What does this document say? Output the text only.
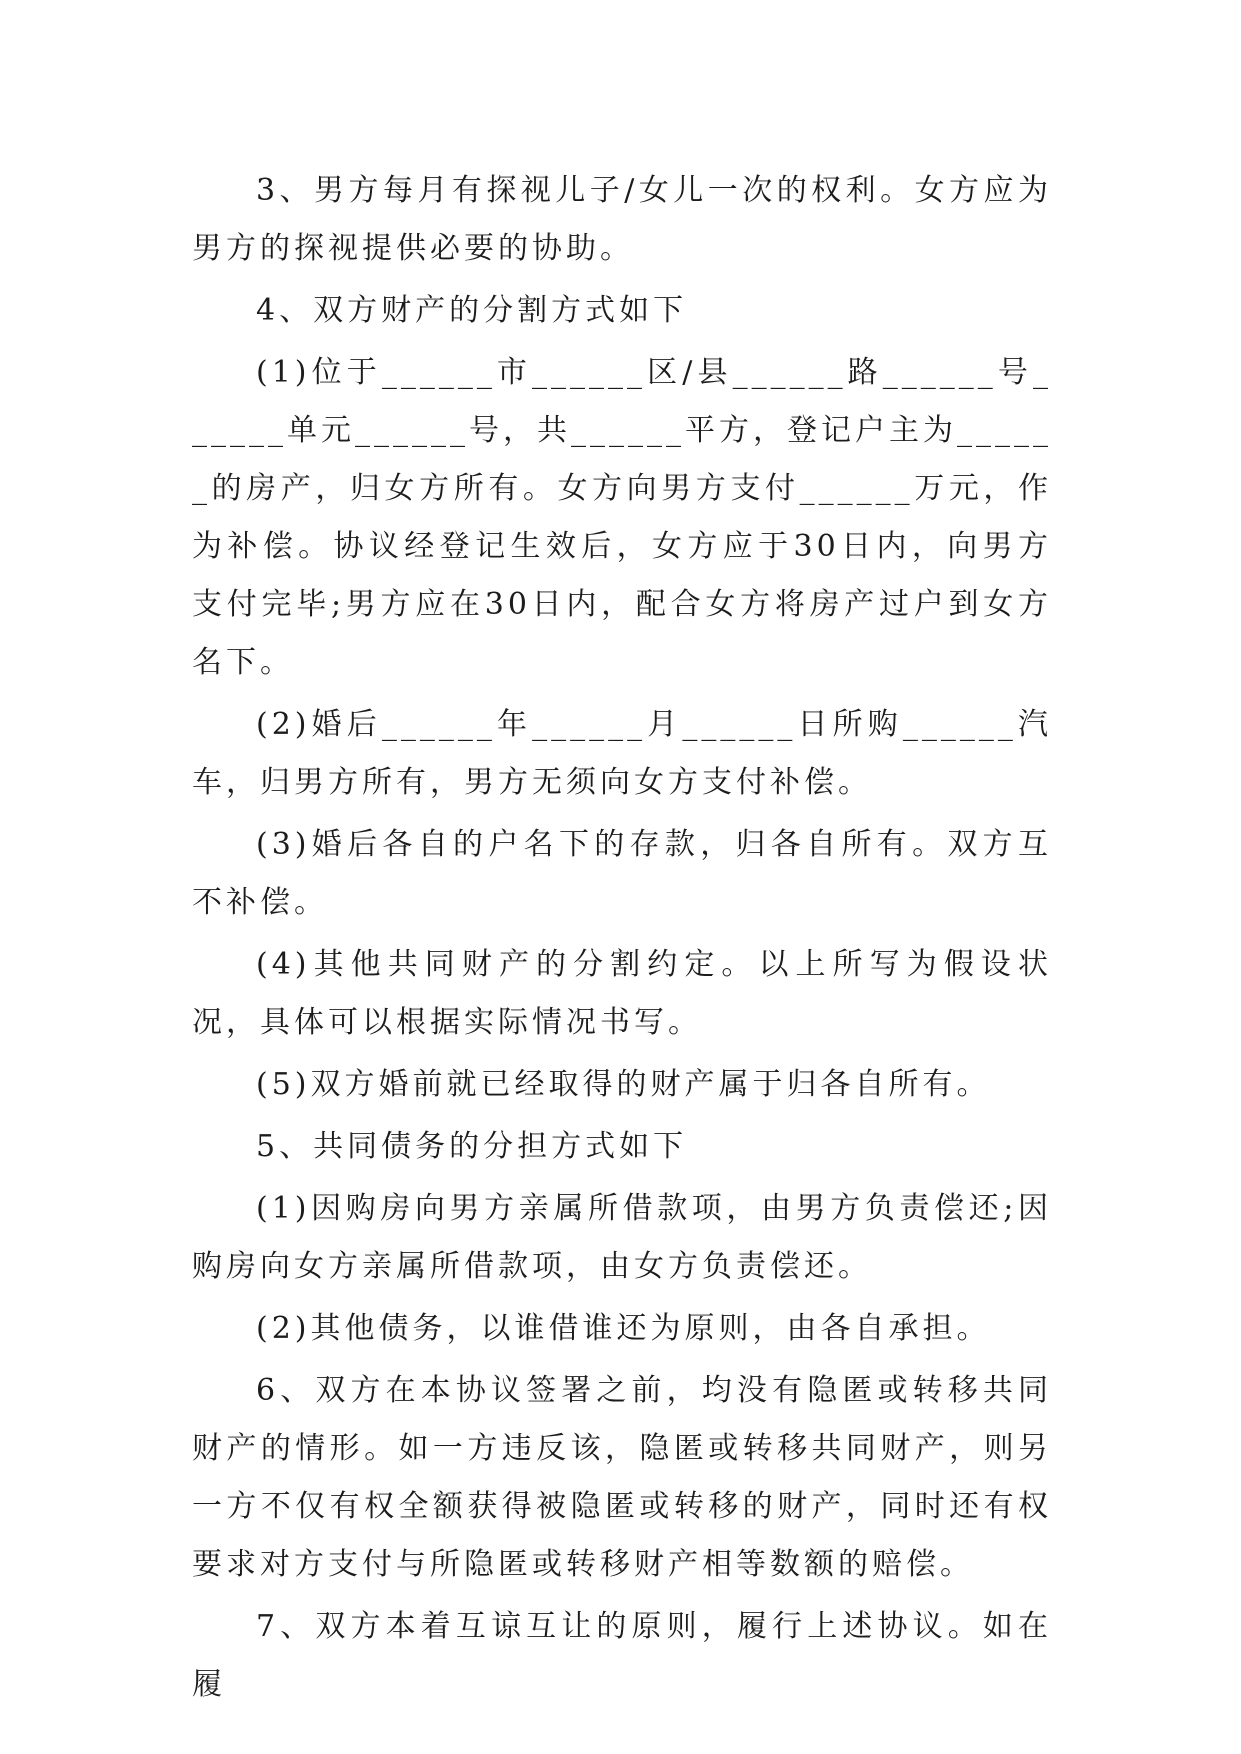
3、男方每月有探视儿子/女儿一次的权利。女方应为男方的探视提供必要的协助。

4、双方财产的分割方式如下

(1)位于______市______区/县______路______号______单元______号，共______平方，登记户主为______的房产，归女方所有。女方向男方支付______万元，作为补偿。协议经登记生效后，女方应于30日内，向男方支付完毕;男方应在30日内，配合女方将房产过户到女方名下。

(2)婚后______年______月______日所购______汽车，归男方所有，男方无须向女方支付补偿。

(3)婚后各自的户名下的存款，归各自所有。双方互不补偿。

(4)其他共同财产的分割约定。以上所写为假设状况，具体可以根据实际情况书写。

(5)双方婚前就已经取得的财产属于归各自所有。

5、共同债务的分担方式如下

(1)因购房向男方亲属所借款项，由男方负责偿还;因购房向女方亲属所借款项，由女方负责偿还。

(2)其他债务，以谁借谁还为原则，由各自承担。

6、双方在本协议签署之前，均没有隐匿或转移共同财产的情形。如一方违反该，隐匿或转移共同财产，则另一方不仅有权全额获得被隐匿或转移的财产，同时还有权要求对方支付与所隐匿或转移财产相等数额的赔偿。

7、双方本着互谅互让的原则，履行上述协议。如在履
